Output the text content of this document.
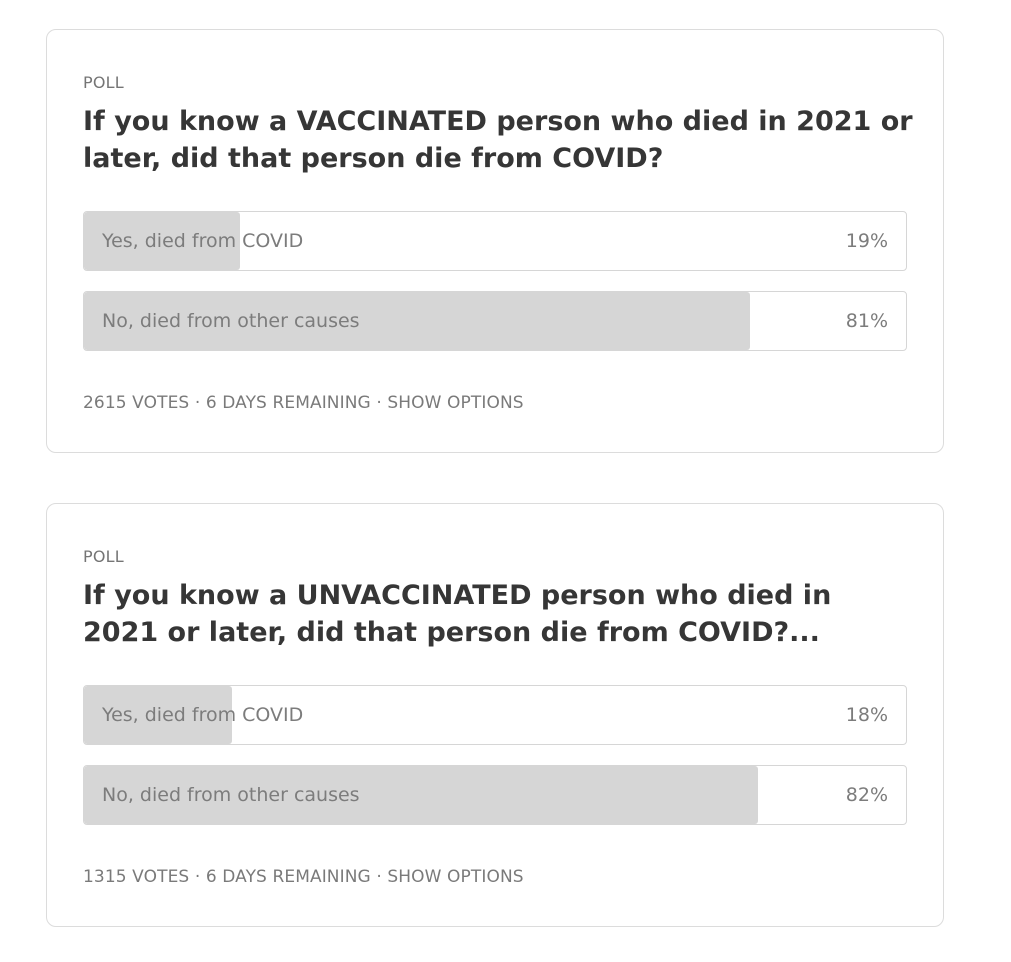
POLL
If you know a VACCINATED person who died in 2021 or later, did that person die from COVID?
Yes, died from COVID	19%
No, died from other causes	81%
2615 VOTES · 6 DAYS REMAINING · SHOW OPTIONS
POLL
If you know a UNVACCINATED person who died in 2021 or later, did that person die from COVID?...
Yes, died from COVID	18%
No, died from other causes	82%
1315 VOTES · 6 DAYS REMAINING · SHOW OPTIONS
